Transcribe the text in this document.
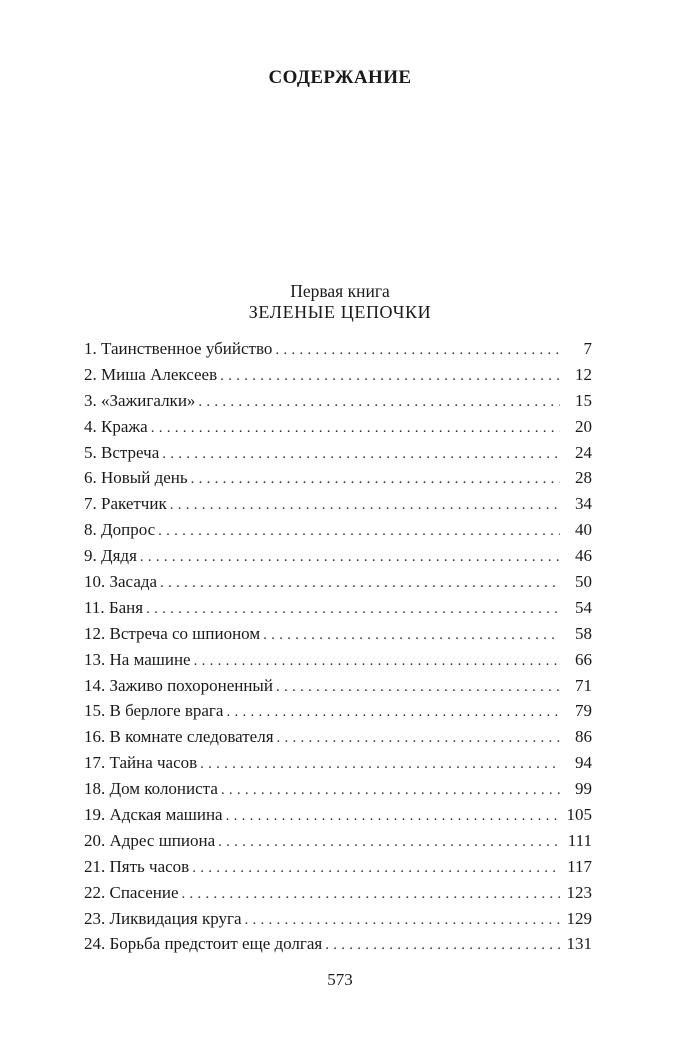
СОДЕРЖАНИЕ
Первая книга
ЗЕЛЕНЫЕ ЦЕПОЧКИ
1. Таинственное убийство . . .	7
2. Миша Алексеев . . .	12
3. «Зажигалки» . . .	15
4. Кража . . .	20
5. Встреча . . .	24
6. Новый день . . .	28
7. Ракетчик . . .	34
8. Допрос . . .	40
9. Дядя . . .	46
10. Засада . . .	50
11. Баня . . .	54
12. Встреча со шпионом . . .	58
13. На машине . . .	66
14. Заживо похороненный . . .	71
15. В берлоге врага . . .	79
16. В комнате следователя . . .	86
17. Тайна часов . . .	94
18. Дом колониста . . .	99
19. Адская машина . . .	105
20. Адрес шпиона . . .	111
21. Пять часов . . .	117
22. Спасение . . .	123
23. Ликвидация круга . . .	129
24. Борьба предстоит еще долгая . . .	131
573
